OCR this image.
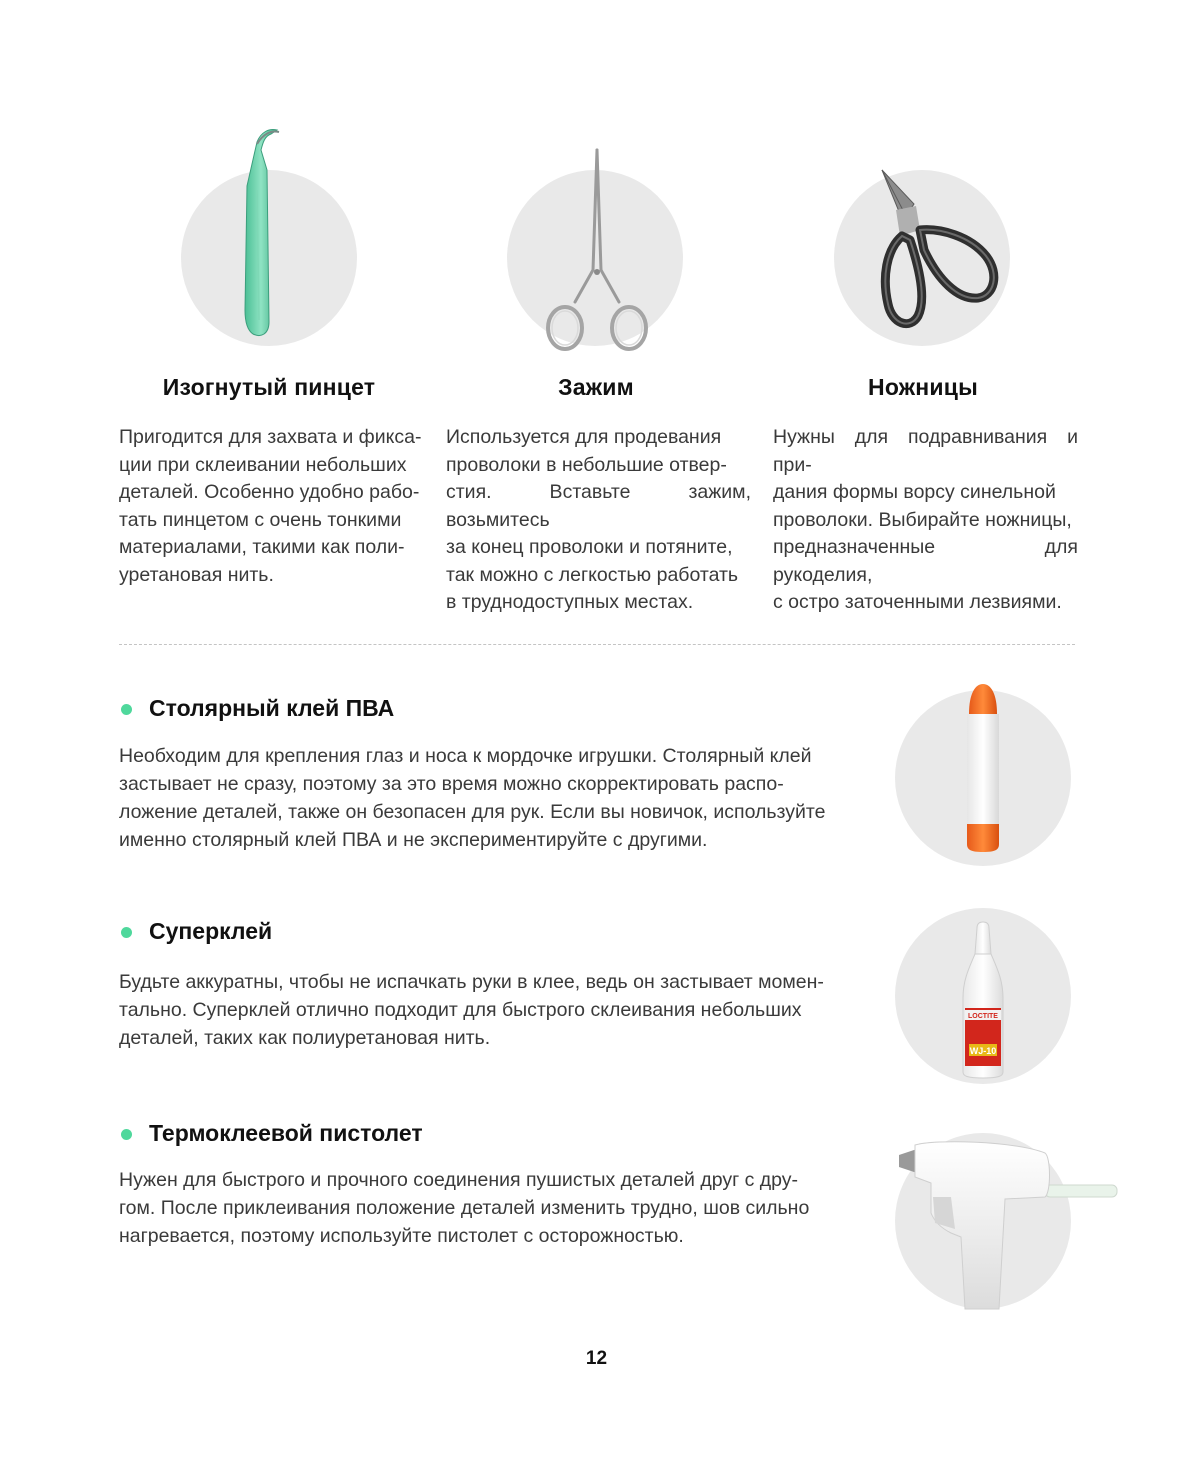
Изогнутый пинцет
Пригодится для захвата и фикса-
ции при склеивании небольших
деталей. Особенно удобно рабо-
тать пинцетом с очень тонкими
материалами, такими как поли-
уретановая нить.
Зажим
Используется для продевания
проволоки в небольшие отвер-
стия. Вставьте зажим, возьмитесь
за конец проволоки и потяните,
так можно с легкостью работать
в труднодоступных местах.
Ножницы
Нужны для подравнивания и при-
дания формы ворсу синельной
проволоки. Выбирайте ножницы,
предназначенные для рукоделия,
с остро заточенными лезвиями.
Столярный клей ПВА
Необходим для крепления глаз и носа к мордочке игрушки. Столярный клей
застывает не сразу, поэтому за это время можно скорректировать распо-
ложение деталей, также он безопасен для рук. Если вы новичок, используйте
именно столярный клей ПВА и не экспериментируйте с другими.
Суперклей
Будьте аккуратны, чтобы не испачкать руки в клее, ведь он застывает момен-
тально. Суперклей отлично подходит для быстрого склеивания небольших
деталей, таких как полиуретановая нить.
LOCTITE
WJ-10
Термоклеевой пистолет
Нужен для быстрого и прочного соединения пушистых деталей друг с дру-
гом. После приклеивания положение деталей изменить трудно, шов сильно
нагревается, поэтому используйте пистолет с осторожностью.
12
